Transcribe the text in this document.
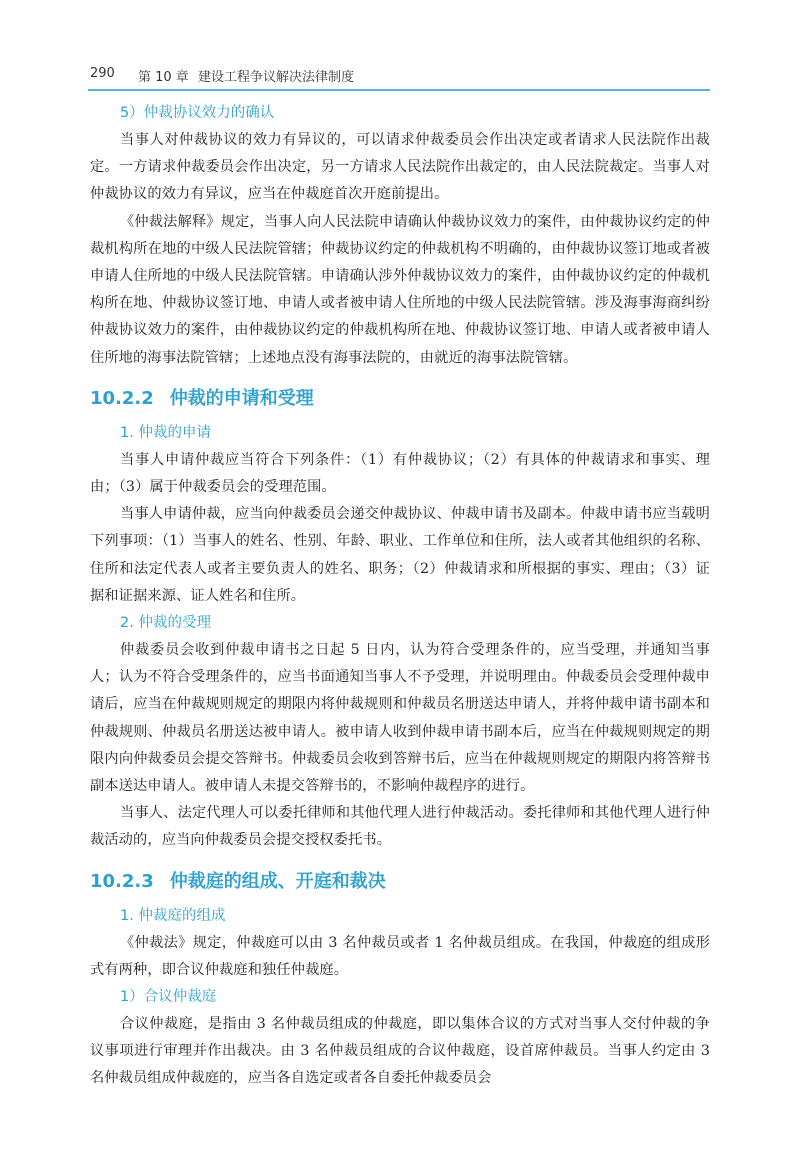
290 第 10 章 建设工程争议解决法律制度
5）仲裁协议效力的确认

当事人对仲裁协议的效力有异议的，可以请求仲裁委员会作出决定或者请求人民法院作出裁定。一方请求仲裁委员会作出决定，另一方请求人民法院作出裁定的，由人民法院裁定。当事人对仲裁协议的效力有异议，应当在仲裁庭首次开庭前提出。

《仲裁法解释》规定，当事人向人民法院申请确认仲裁协议效力的案件，由仲裁协议约定的仲裁机构所在地的中级人民法院管辖；仲裁协议约定的仲裁机构不明确的，由仲裁协议签订地或者被申请人住所地的中级人民法院管辖。申请确认涉外仲裁协议效力的案件，由仲裁协议约定的仲裁机构所在地、仲裁协议签订地、申请人或者被申请人住所地的中级人民法院管辖。涉及海事海商纠纷仲裁协议效力的案件，由仲裁协议约定的仲裁机构所在地、仲裁协议签订地、申请人或者被申请人住所地的海事法院管辖；上述地点没有海事法院的，由就近的海事法院管辖。

10.2.2 仲裁的申请和受理
1. 仲裁的申请

当事人申请仲裁应当符合下列条件：（1）有仲裁协议；（2）有具体的仲裁请求和事实、理由；（3）属于仲裁委员会的受理范围。

当事人申请仲裁，应当向仲裁委员会递交仲裁协议、仲裁申请书及副本。仲裁申请书应当载明下列事项：（1）当事人的姓名、性别、年龄、职业、工作单位和住所，法人或者其他组织的名称、住所和法定代表人或者主要负责人的姓名、职务；（2）仲裁请求和所根据的事实、理由；（3）证据和证据来源、证人姓名和住所。

2. 仲裁的受理

仲裁委员会收到仲裁申请书之日起 5 日内，认为符合受理条件的，应当受理，并通知当事人；认为不符合受理条件的，应当书面通知当事人不予受理，并说明理由。仲裁委员会受理仲裁申请后，应当在仲裁规则规定的期限内将仲裁规则和仲裁员名册送达申请人，并将仲裁申请书副本和仲裁规则、仲裁员名册送达被申请人。被申请人收到仲裁申请书副本后，应当在仲裁规则规定的期限内向仲裁委员会提交答辩书。仲裁委员会收到答辩书后，应当在仲裁规则规定的期限内将答辩书副本送达申请人。被申请人未提交答辩书的，不影响仲裁程序的进行。

当事人、法定代理人可以委托律师和其他代理人进行仲裁活动。委托律师和其他代理人进行仲裁活动的，应当向仲裁委员会提交授权委托书。

10.2.3 仲裁庭的组成、开庭和裁决
1. 仲裁庭的组成

《仲裁法》规定，仲裁庭可以由 3 名仲裁员或者 1 名仲裁员组成。在我国，仲裁庭的组成形式有两种，即合议仲裁庭和独任仲裁庭。

1）合议仲裁庭

合议仲裁庭，是指由 3 名仲裁员组成的仲裁庭，即以集体合议的方式对当事人交付仲裁的争议事项进行审理并作出裁决。由 3 名仲裁员组成的合议仲裁庭，设首席仲裁员。当事人约定由 3 名仲裁员组成仲裁庭的，应当各自选定或者各自委托仲裁委员会
